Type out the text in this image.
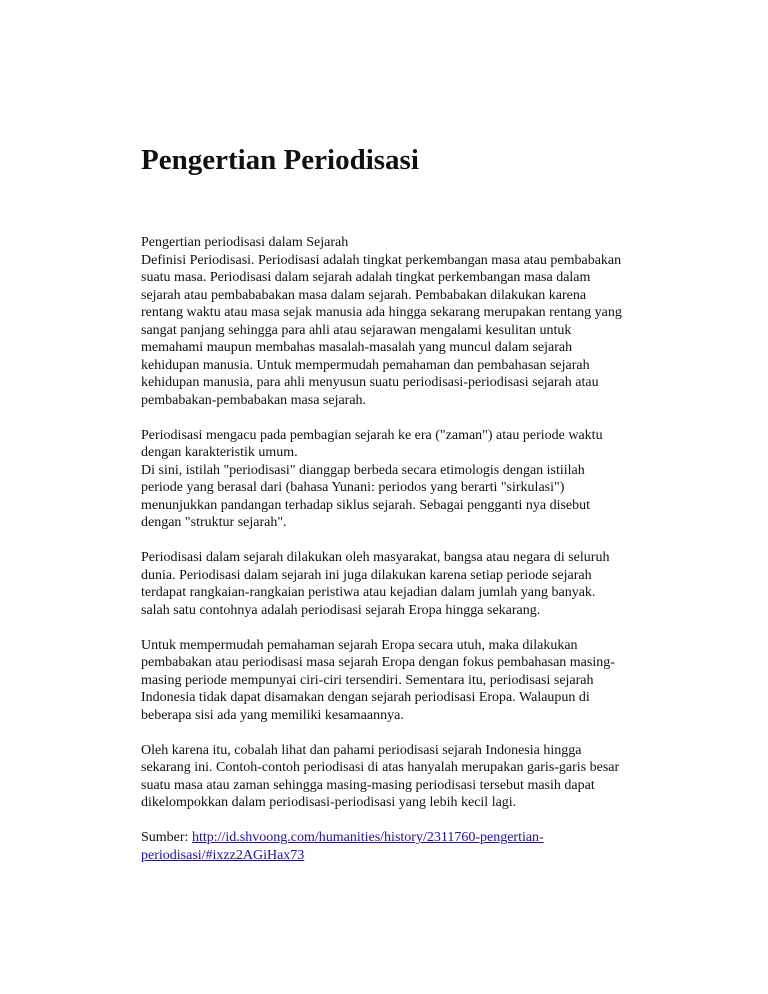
Pengertian Periodisasi
Pengertian periodisasi dalam Sejarah
Definisi Periodisasi. Periodisasi adalah tingkat perkembangan masa atau pembabakan
suatu masa. Periodisasi dalam sejarah adalah tingkat perkembangan masa dalam
sejarah atau pembababakan masa dalam sejarah. Pembabakan dilakukan karena
rentang waktu atau masa sejak manusia ada hingga sekarang merupakan rentang yang
sangat panjang sehingga para ahli atau sejarawan mengalami kesulitan untuk
memahami maupun membahas masalah-masalah yang muncul dalam sejarah
kehidupan manusia. Untuk mempermudah pemahaman dan pembahasan sejarah
kehidupan manusia, para ahli menyusun suatu periodisasi-periodisasi sejarah atau
pembabakan-pembabakan masa sejarah.
Periodisasi mengacu pada pembagian sejarah ke era ("zaman") atau periode waktu
dengan karakteristik umum.
Di sini, istilah "periodisasi" dianggap berbeda secara etimologis dengan istiilah
periode yang berasal dari (bahasa Yunani: periodos yang berarti "sirkulasi")
menunjukkan pandangan terhadap siklus sejarah. Sebagai pengganti nya disebut
dengan "struktur sejarah".
Periodisasi dalam sejarah dilakukan oleh masyarakat, bangsa atau negara di seluruh
dunia. Periodisasi dalam sejarah ini juga dilakukan karena setiap periode sejarah
terdapat rangkaian-rangkaian peristiwa atau kejadian dalam jumlah yang banyak.
salah satu contohnya adalah periodisasi sejarah Eropa hingga sekarang.
Untuk mempermudah pemahaman sejarah Eropa secara utuh, maka dilakukan
pembabakan atau periodisasi masa sejarah Eropa dengan fokus pembahasan masing-
masing periode mempunyai ciri-ciri tersendiri. Sementara itu, periodisasi sejarah
Indonesia tidak dapat disamakan dengan sejarah periodisasi Eropa. Walaupun di
beberapa sisi ada yang memiliki kesamaannya.
Oleh karena itu, cobalah lihat dan pahami periodisasi sejarah Indonesia hingga
sekarang ini. Contoh-contoh periodisasi di atas hanyalah merupakan garis-garis besar
suatu masa atau zaman sehingga masing-masing periodisasi tersebut masih dapat
dikelompokkan dalam periodisasi-periodisasi yang lebih kecil lagi.
Sumber: http://id.shvoong.com/humanities/history/2311760-pengertian-
periodisasi/#ixzz2AGiHax73
